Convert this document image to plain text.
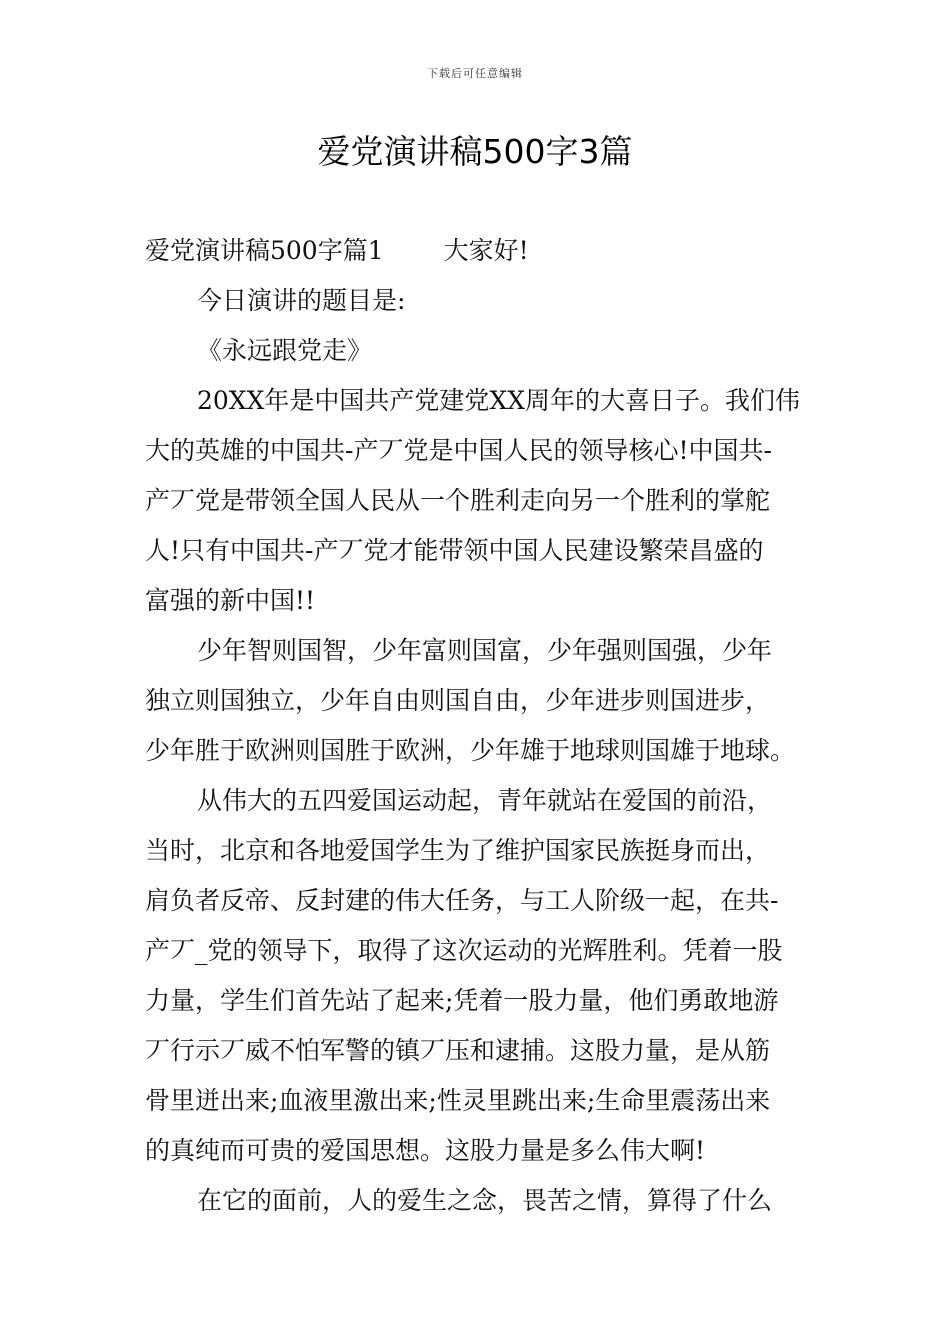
下载后可任意编辑
爱党演讲稿500字3篇
爱党演讲稿500字篇1 大家好!
今日演讲的题目是:
《永远跟党走》
20XX年是中国共产党建党XX周年的大喜日子。我们伟
大的英雄的中国共-产丆党是中国人民的领导核心!中国共-
产丆党是带领全国人民从一个胜利走向另一个胜利的掌舵
人!只有中国共-产丆党才能带领中国人民建设繁荣昌盛的
富强的新中国!!
少年智则国智，少年富则国富，少年强则国强，少年
独立则国独立，少年自由则国自由，少年进步则国进步，
少年胜于欧洲则国胜于欧洲，少年雄于地球则国雄于地球。
从伟大的五四爱国运动起，青年就站在爱国的前沿，
当时，北京和各地爱国学生为了维护国家民族挺身而出，
肩负者反帝、反封建的伟大任务，与工人阶级一起，在共-
产丆_党的领导下，取得了这次运动的光辉胜利。凭着一股
力量，学生们首先站了起来;凭着一股力量，他们勇敢地游
丆行示丆威不怕军警的镇丆压和逮捕。这股力量，是从筋
骨里迸出来;血液里激出来;性灵里跳出来;生命里震荡出来
的真纯而可贵的爱国思想。这股力量是多么伟大啊!
在它的面前，人的爱生之念，畏苦之情，算得了什么
